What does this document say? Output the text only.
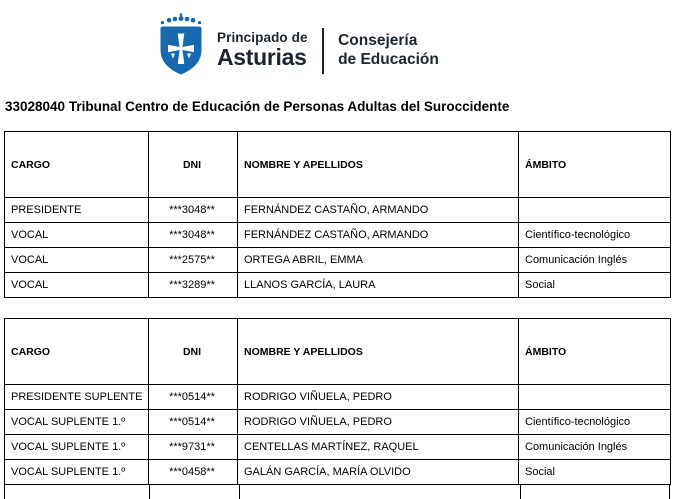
Principado de
Asturias
Consejería
de Educación
33028040 Tribunal Centro de Educación de Personas Adultas del Suroccidente
CARGO	DNI	NOMBRE Y APELLIDOS	ÁMBITO
PRESIDENTE	***3048**	FERNÁNDEZ CASTAÑO, ARMANDO	
VOCAL	***3048**	FERNÁNDEZ CASTAÑO, ARMANDO	Científico-tecnológico
VOCAL	***2575**	ORTEGA ABRIL, EMMA	Comunicación Inglés
VOCAL	***3289**	LLANOS GARCÍA, LAURA	Social
CARGO	DNI	NOMBRE Y APELLIDOS	ÁMBITO
PRESIDENTE SUPLENTE	***0514**	RODRIGO VIÑUELA, PEDRO	
VOCAL SUPLENTE 1.º	***0514**	RODRIGO VIÑUELA, PEDRO	Científico-tecnológico
VOCAL SUPLENTE 1.º	***9731**	CENTELLAS MARTÍNEZ, RAQUEL	Comunicación Inglés
VOCAL SUPLENTE 1.º	***0458**	GALÁN GARCÍA, MARÍA OLVIDO	Social
